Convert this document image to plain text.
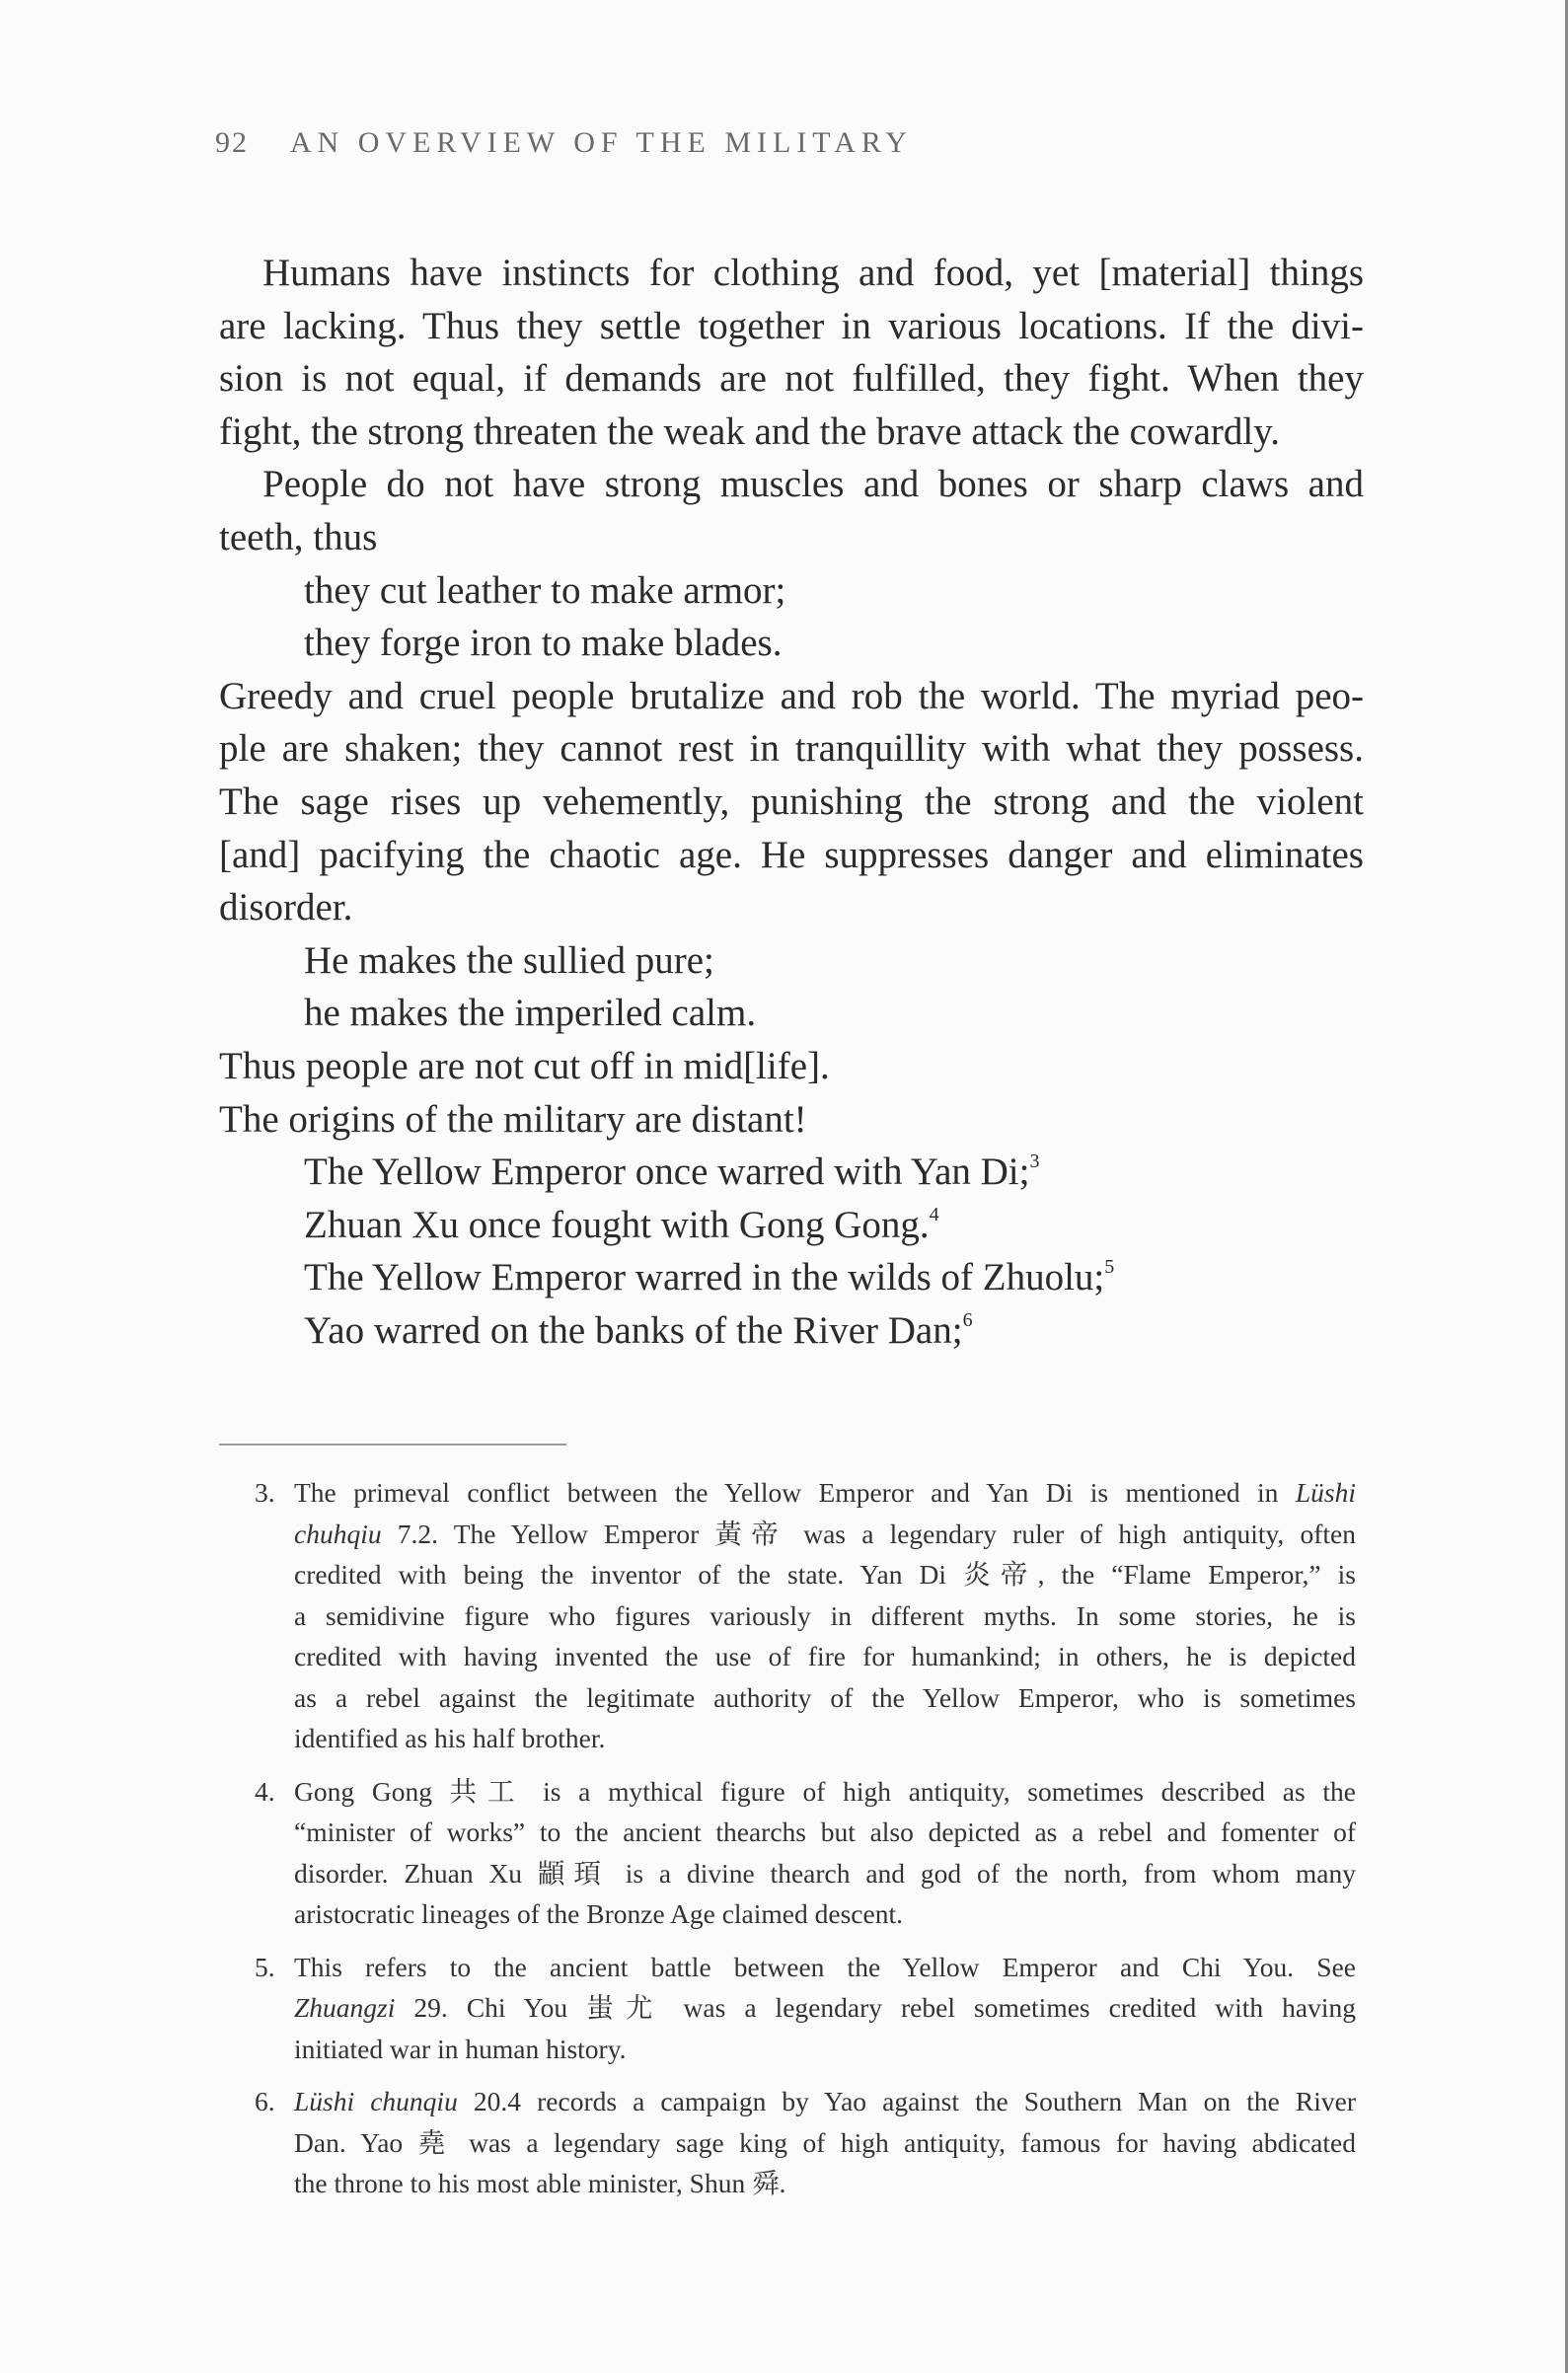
92 AN OVERVIEW OF THE MILITARY
Humans have instincts for clothing and food, yet [material] things
are lacking. Thus they settle together in various locations. If the divi-
sion is not equal, if demands are not fulfilled, they fight. When they
fight, the strong threaten the weak and the brave attack the cowardly.
People do not have strong muscles and bones or sharp claws and
teeth, thus
they cut leather to make armor;
they forge iron to make blades.
Greedy and cruel people brutalize and rob the world. The myriad peo-
ple are shaken; they cannot rest in tranquillity with what they possess.
The sage rises up vehemently, punishing the strong and the violent
[and] pacifying the chaotic age. He suppresses danger and eliminates
disorder.
He makes the sullied pure;
he makes the imperiled calm.
Thus people are not cut off in mid[life].
The origins of the military are distant!
The Yellow Emperor once warred with Yan Di;$^3$
Zhuan Xu once fought with Gong Gong.$^4$
The Yellow Emperor warred in the wilds of Zhuolu;$^5$
Yao warred on the banks of the River Dan;$^6$
3. The primeval conflict between the Yellow Emperor and Yan Di is mentioned in Lüshi
chuhqiu 7.2. The Yellow Emperor 黃帝 was a legendary ruler of high antiquity, often
credited with being the inventor of the state. Yan Di 炎帝, the “Flame Emperor,” is
a semidivine figure who figures variously in different myths. In some stories, he is
credited with having invented the use of fire for humankind; in others, he is depicted
as a rebel against the legitimate authority of the Yellow Emperor, who is sometimes
identified as his half brother.
4. Gong Gong 共工 is a mythical figure of high antiquity, sometimes described as the
“minister of works” to the ancient thearchs but also depicted as a rebel and fomenter of
disorder. Zhuan Xu 顓頊 is a divine thearch and god of the north, from whom many
aristocratic lineages of the Bronze Age claimed descent.
5. This refers to the ancient battle between the Yellow Emperor and Chi You. See
Zhuangzi 29. Chi You 蚩尤 was a legendary rebel sometimes credited with having
initiated war in human history.
6. Lüshi chunqiu 20.4 records a campaign by Yao against the Southern Man on the River
Dan. Yao 堯 was a legendary sage king of high antiquity, famous for having abdicated
the throne to his most able minister, Shun 舜.
